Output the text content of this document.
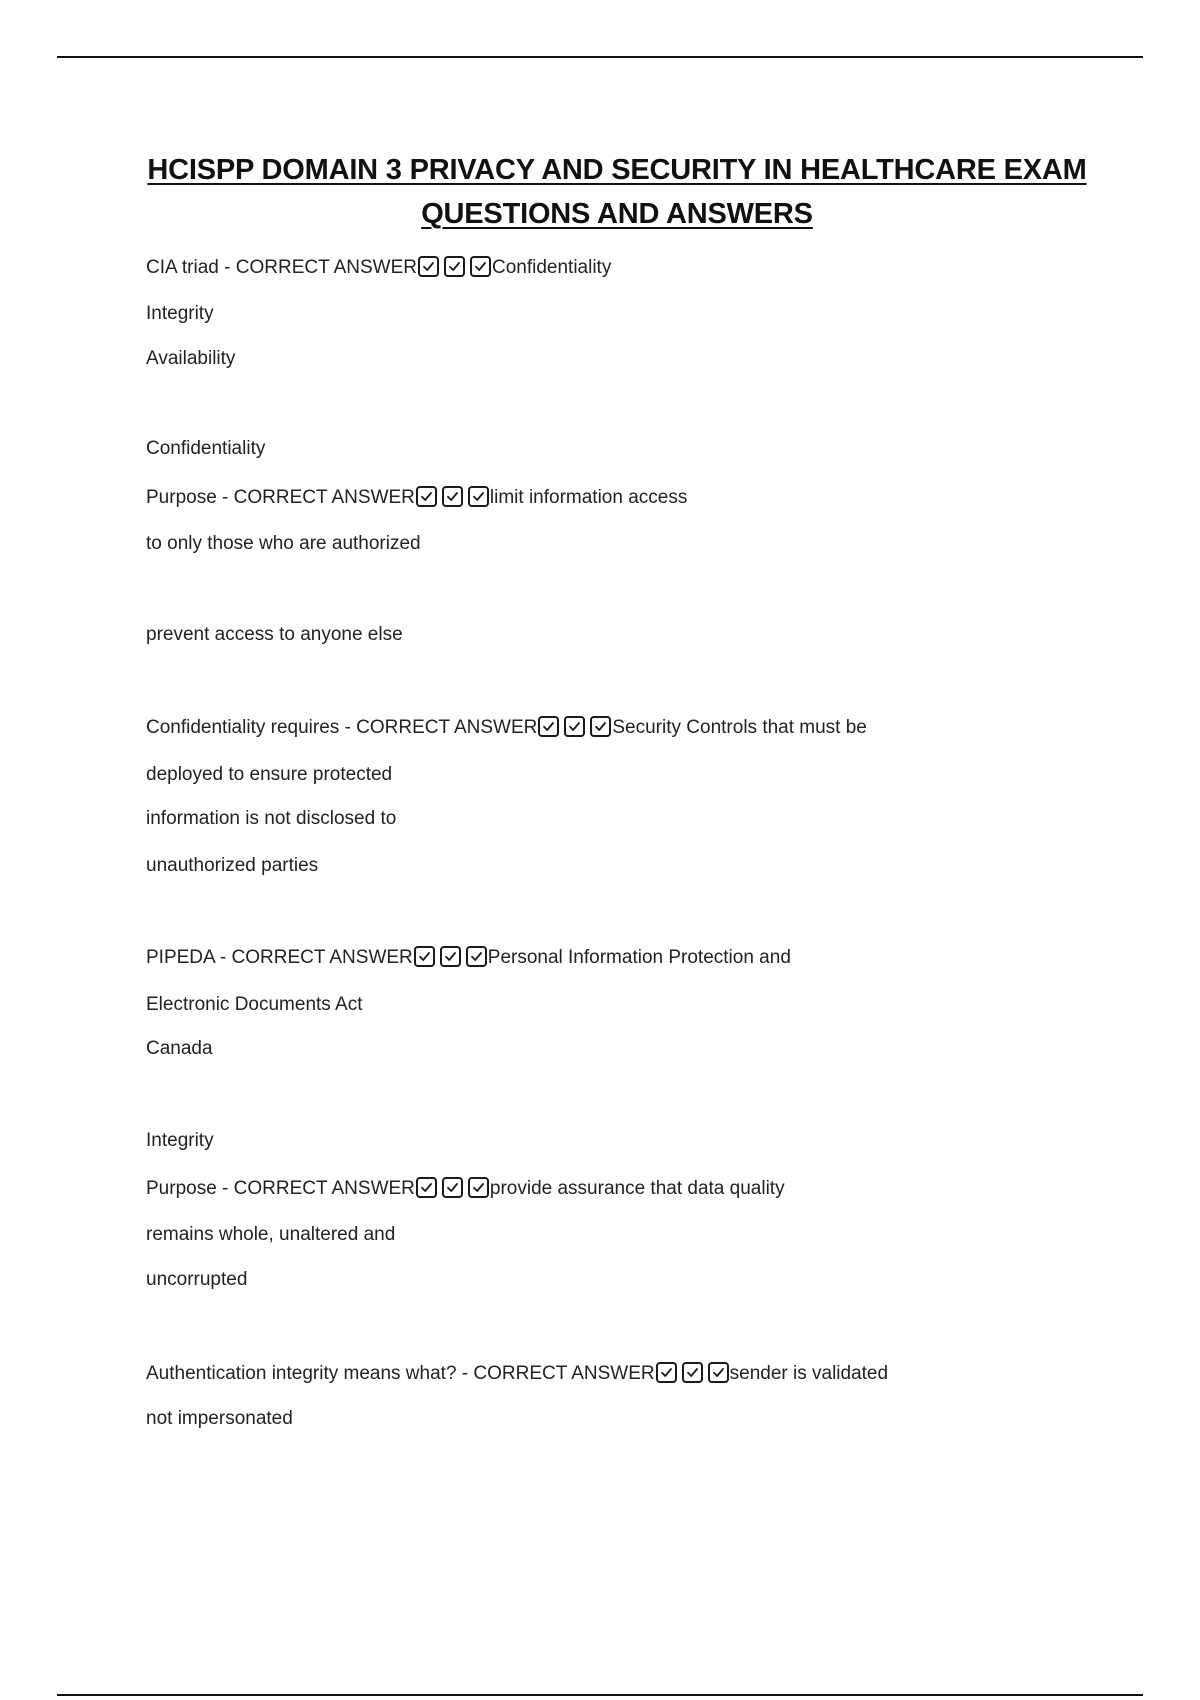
HCISPP DOMAIN 3 PRIVACY AND SECURITY IN HEALTHCARE EXAM
QUESTIONS AND ANSWERS
CIA triad - CORRECT ANSWER	Confidentiality
Integrity
Availability
Confidentiality
Purpose - CORRECT ANSWER	limit information access
to only those who are authorized
prevent access to anyone else
Confidentiality requires - CORRECT ANSWER	Security Controls that must be
deployed to ensure protected
information is not disclosed to
unauthorized parties
PIPEDA - CORRECT ANSWER	Personal Information Protection and
Electronic Documents Act
Canada
Integrity
Purpose - CORRECT ANSWER	provide assurance that data quality
remains whole, unaltered and
uncorrupted
Authentication integrity means what? - CORRECT ANSWER	sender is validated
not impersonated
